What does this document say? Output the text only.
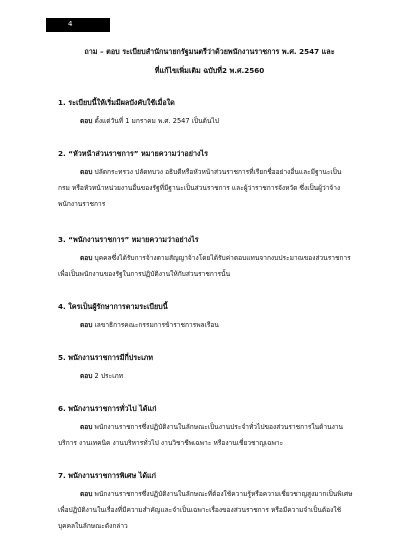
4
ถาม – ตอบ ระเบียบสำนักนายกรัฐมนตรีว่าด้วยพนักงานราชการ พ.ศ. 2547 และ
ที่แก้ไขเพิ่มเติม ฉบับที่2 พ.ศ.2560
1. ระเบียบนี้ให้เริ่มมีผลบังคับใช้เมื่อใด
ตอบ ตั้งแต่วันที่ 1 มกราคม พ.ศ. 2547 เป็นต้นไป
2. “หัวหน้าส่วนราชการ” หมายความว่าอย่างไร
ตอบ ปลัดกระทรวง ปลัดทบวง อธิบดีหรือหัวหน้าส่วนราชการที่เรียกชื่ออย่างอื่นและมีฐานะเป็น
กรม หรือหัวหน้าหน่วยงานอื่นของรัฐที่มีฐานะเป็นส่วนราชการ และผู้ว่าราชการจังหวัด ซึ่งเป็นผู้ว่าจ้าง
พนักงานราชการ
3. “พนักงานราชการ” หมายความว่าอย่างไร
ตอบ บุคคลซึ่งได้รับการจ้างตามสัญญาจ้างโดยได้รับค่าตอบแทนจากงบประมาณของส่วนราชการ
เพื่อเป็นพนักงานของรัฐในการปฏิบัติงานให้กับส่วนราชการนั้น
4. ใครเป็นผู้รักษาการตามระเบียบนี้
ตอบ เลขาธิการคณะกรรมการข้าราชการพลเรือน
5. พนักงานราชการมีกี่ประเภท
ตอบ 2 ประเภท
6. พนักงานราชการทั่วไป ได้แก่
ตอบ พนักงานราชการซึ่งปฏิบัติงานในลักษณะเป็นงานประจำทั่วไปของส่วนราชการในด้านงาน
บริการ งานเทคนิค งานบริหารทั่วไป งานวิชาชีพเฉพาะ หรืองานเชี่ยวชาญเฉพาะ
7. พนักงานราชการพิเศษ ได้แก่
ตอบ พนักงานราชการซึ่งปฏิบัติงานในลักษณะที่ต้องใช้ความรู้หรือความเชี่ยวชาญสูงมากเป็นพิเศษ
เพื่อปฏิบัติงานในเรื่องที่มีความสำคัญและจำเป็นเฉพาะเรื่องของส่วนราชการ หรือมีความจำเป็นต้องใช้
บุคคลในลักษณะดังกล่าว
